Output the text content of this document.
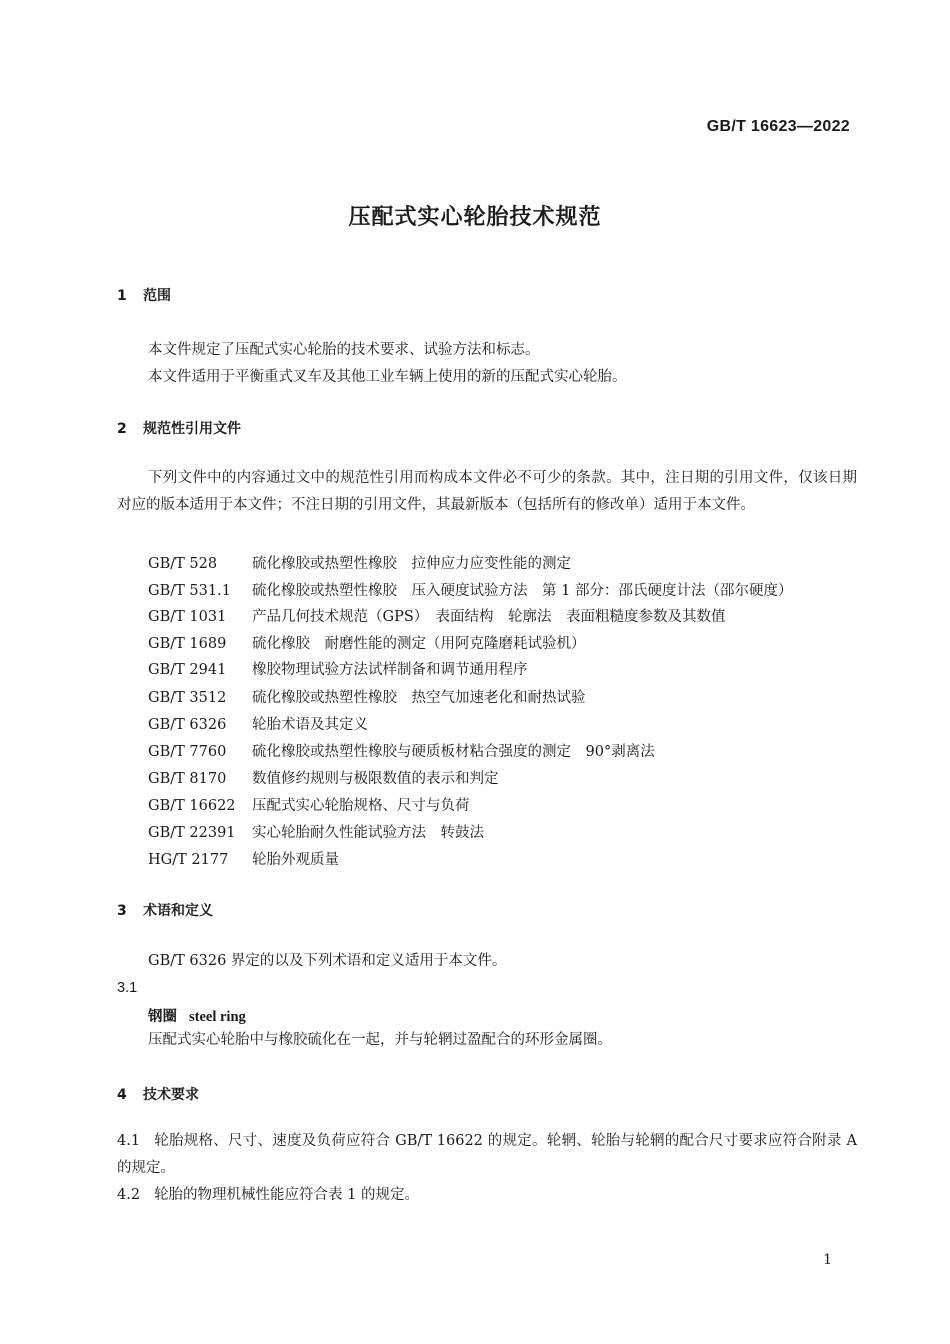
GB/T 16623—2022
压配式实心轮胎技术规范
1 范围
本文件规定了压配式实心轮胎的技术要求、试验方法和标志。
本文件适用于平衡重式叉车及其他工业车辆上使用的新的压配式实心轮胎。
2 规范性引用文件
下列文件中的内容通过文中的规范性引用而构成本文件必不可少的条款。其中，注日期的引用文件，仅该日期对应的版本适用于本文件；不注日期的引用文件，其最新版本（包括所有的修改单）适用于本文件。
GB/T 528 硫化橡胶或热塑性橡胶　拉伸应力应变性能的测定
GB/T 531.1 硫化橡胶或热塑性橡胶　压入硬度试验方法　第 1 部分：邵氏硬度计法（邵尔硬度）
GB/T 1031 产品几何技术规范（GPS）　表面结构　轮廓法　表面粗糙度参数及其数值
GB/T 1689 硫化橡胶　耐磨性能的测定（用阿克隆磨耗试验机）
GB/T 2941 橡胶物理试验方法试样制备和调节通用程序
GB/T 3512 硫化橡胶或热塑性橡胶　热空气加速老化和耐热试验
GB/T 6326 轮胎术语及其定义
GB/T 7760 硫化橡胶或热塑性橡胶与硬质板材粘合强度的测定　90°剥离法
GB/T 8170 数值修约规则与极限数值的表示和判定
GB/T 16622 压配式实心轮胎规格、尺寸与负荷
GB/T 22391 实心轮胎耐久性能试验方法　转鼓法
HG/T 2177 轮胎外观质量
3 术语和定义
GB/T 6326 界定的以及下列术语和定义适用于本文件。
3.1
钢圈 steel ring
压配式实心轮胎中与橡胶硫化在一起，并与轮辋过盈配合的环形金属圈。
4 技术要求
4.1 轮胎规格、尺寸、速度及负荷应符合 GB/T 16622 的规定。轮辋、轮胎与轮辋的配合尺寸要求应符合附录 A 的规定。
4.2 轮胎的物理机械性能应符合表 1 的规定。
1
